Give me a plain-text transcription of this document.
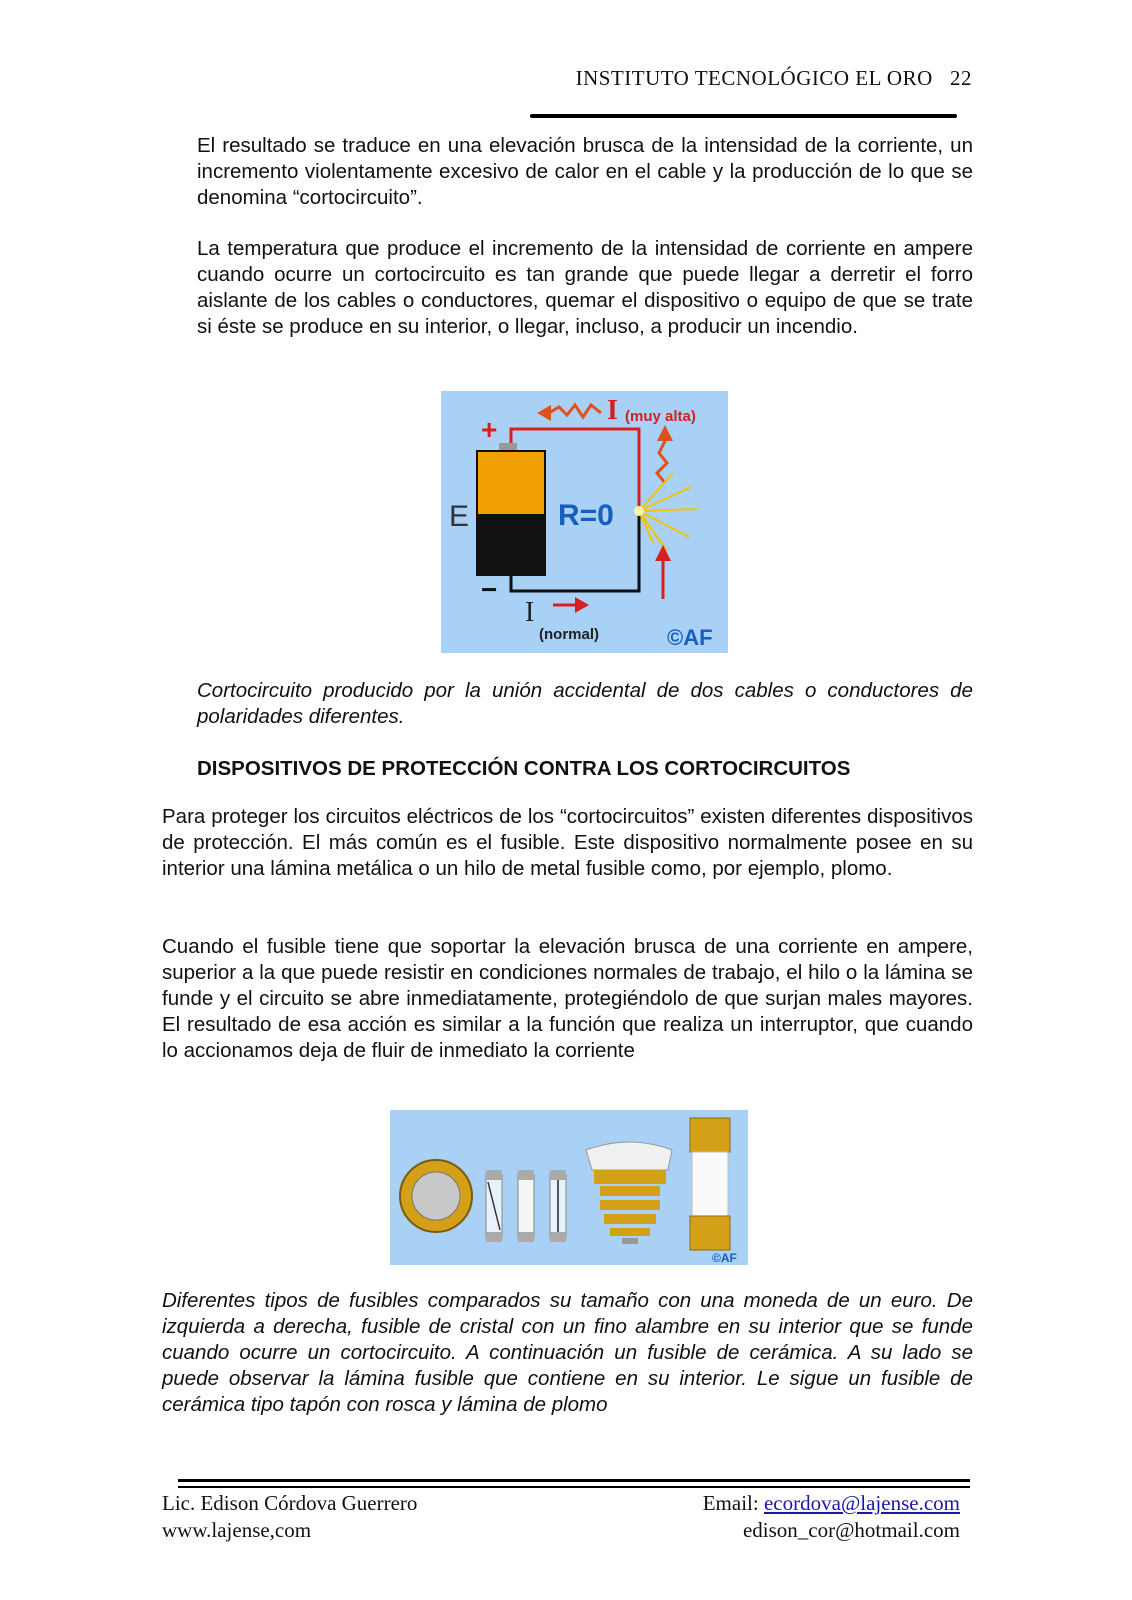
INSTITUTO TECNOLÓGICO EL ORO 22

El resultado se traduce en una elevación brusca de la intensidad de la corriente, un incremento violentamente excesivo de calor en el cable y la producción de lo que se denomina “cortocircuito”.

La temperatura que produce el incremento de la intensidad de corriente en ampere cuando ocurre un cortocircuito es tan grande que puede llegar a derretir el forro aislante de los cables o conductores, quemar el dispositivo o equipo de que se trate si éste se produce en su interior, o llegar, incluso, a producir un incendio.

+
−
E	R=0
I (muy alta)
I
(normal)	©AF

Cortocircuito producido por la unión accidental de dos cables o conductores de polaridades diferentes.

DISPOSITIVOS DE PROTECCIÓN CONTRA LOS CORTOCIRCUITOS

Para proteger los circuitos eléctricos de los “cortocircuitos” existen diferentes dispositivos de protección. El más común es el fusible. Este dispositivo normalmente posee en su interior una lámina metálica o un hilo de metal fusible como, por ejemplo, plomo.

Cuando el fusible tiene que soportar la elevación brusca de una corriente en ampere, superior a la que puede resistir en condiciones normales de trabajo, el hilo o la lámina se funde y el circuito se abre inmediatamente, protegiéndolo de que surjan males mayores. El resultado de esa acción es similar a la función que realiza un interruptor, que cuando lo accionamos deja de fluir de inmediato la corriente

©AF

Diferentes tipos de fusibles comparados su tamaño con una moneda de un euro. De izquierda a derecha, fusible de cristal con un fino alambre en su interior que se funde cuando ocurre un cortocircuito. A continuación un fusible de cerámica. A su lado se puede observar la lámina fusible que contiene en su interior. Le sigue un fusible de cerámica tipo tapón con rosca y lámina de plomo

Lic. Edison Córdova Guerrero
www.lajense,com
Email: ecordova@lajense.com
edison_cor@hotmail.com
